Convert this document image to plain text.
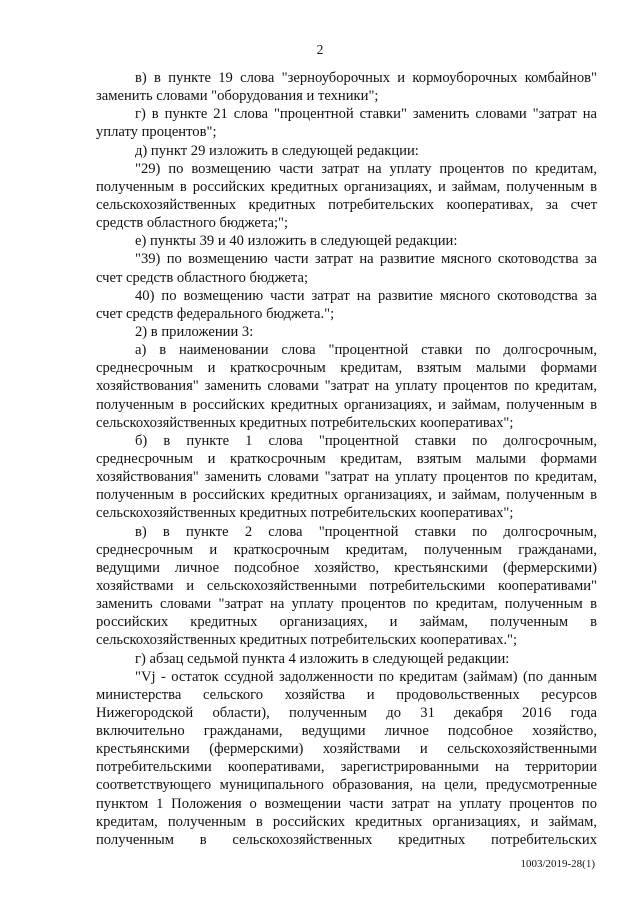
2
в) в пункте 19 слова "зерноуборочных и кормоуборочных комбайнов"
заменить словами "оборудования и техники";
г) в пункте 21 слова "процентной ставки" заменить словами "затрат на
уплату процентов";
д) пункт 29 изложить в следующей редакции:
"29) по возмещению части затрат на уплату процентов по кредитам,
полученным в российских кредитных организациях, и займам, полученным в
сельскохозяйственных кредитных потребительских кооперативах, за счет
средств областного бюджета;";
е) пункты 39 и 40 изложить в следующей редакции:
"39) по возмещению части затрат на развитие мясного скотоводства за
счет средств областного бюджета;
40) по возмещению части затрат на развитие мясного скотоводства за
счет средств федерального бюджета.";
2) в приложении 3:
а) в наименовании слова "процентной ставки по долгосрочным,
среднесрочным и краткосрочным кредитам, взятым малыми формами
хозяйствования" заменить словами "затрат на уплату процентов по кредитам,
полученным в российских кредитных организациях, и займам, полученным в
сельскохозяйственных кредитных потребительских кооперативах";
б) в пункте 1 слова "процентной ставки по долгосрочным,
среднесрочным и краткосрочным кредитам, взятым малыми формами
хозяйствования" заменить словами "затрат на уплату процентов по кредитам,
полученным в российских кредитных организациях, и займам, полученным в
сельскохозяйственных кредитных потребительских кооперативах";
в) в пункте 2 слова "процентной ставки по долгосрочным,
среднесрочным и краткосрочным кредитам, полученным гражданами,
ведущими личное подсобное хозяйство, крестьянскими (фермерскими)
хозяйствами и сельскохозяйственными потребительскими кооперативами"
заменить словами "затрат на уплату процентов по кредитам, полученным в
российских кредитных организациях, и займам, полученным в
сельскохозяйственных кредитных потребительских кооперативах.";
г) абзац седьмой пункта 4 изложить в следующей редакции:
"Vj - остаток ссудной задолженности по кредитам (займам) (по данным
министерства сельского хозяйства и продовольственных ресурсов
Нижегородской области), полученным до 31 декабря 2016 года
включительно гражданами, ведущими личное подсобное хозяйство,
крестьянскими (фермерскими) хозяйствами и сельскохозяйственными
потребительскими кооперативами, зарегистрированными на территории
соответствующего муниципального образования, на цели, предусмотренные
пунктом 1 Положения о возмещении части затрат на уплату процентов по
кредитам, полученным в российских кредитных организациях, и займам,
полученным в сельскохозяйственных кредитных потребительских
1003/2019-28(1)
